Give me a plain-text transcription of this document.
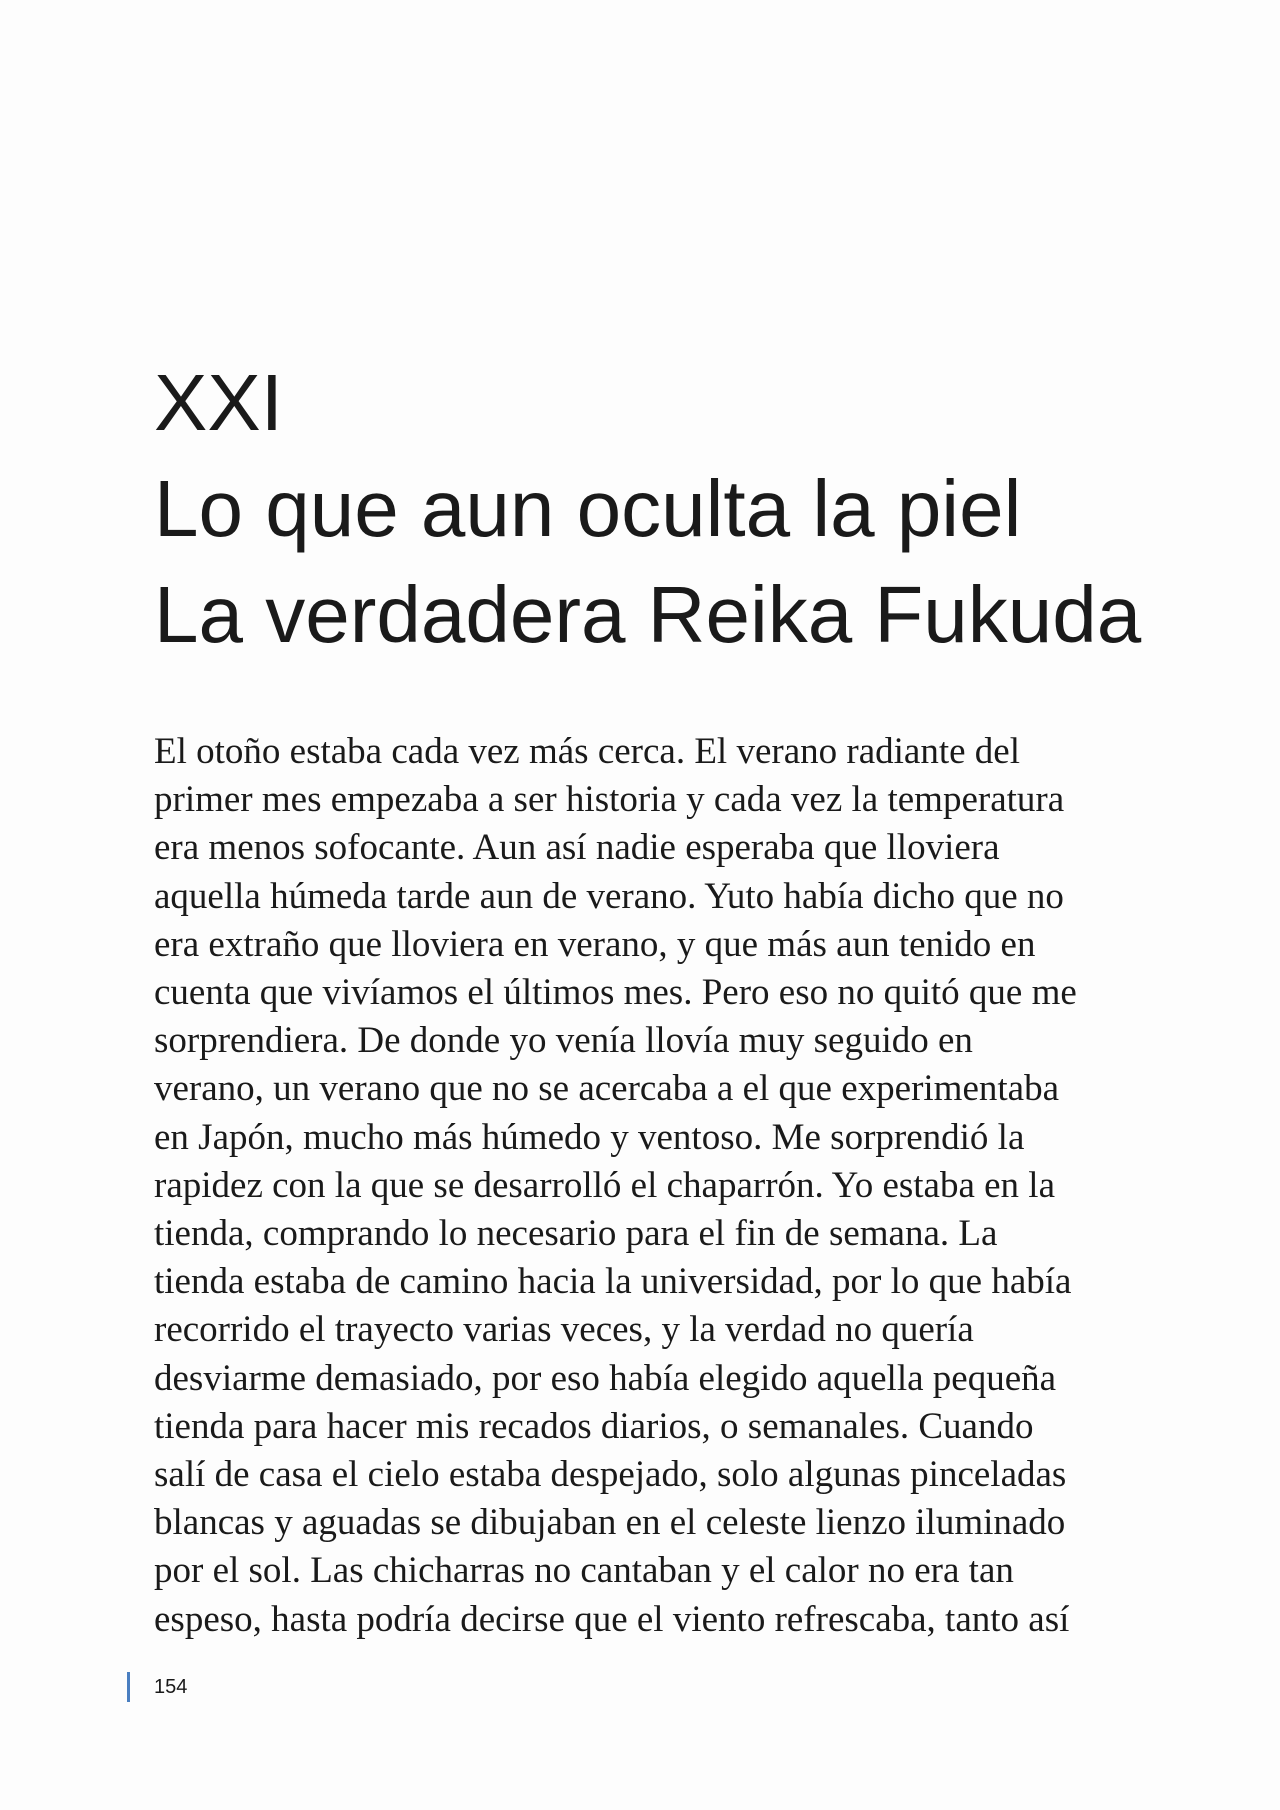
XXI
Lo que aun oculta la piel
La verdadera Reika Fukuda

El otoño estaba cada vez más cerca. El verano radiante del
primer mes empezaba a ser historia y cada vez la temperatura
era menos sofocante. Aun así nadie esperaba que lloviera
aquella húmeda tarde aun de verano. Yuto había dicho que no
era extraño que lloviera en verano, y que más aun tenido en
cuenta que vivíamos el últimos mes. Pero eso no quitó que me
sorprendiera. De donde yo venía llovía muy seguido en
verano, un verano que no se acercaba a el que experimentaba
en Japón, mucho más húmedo y ventoso. Me sorprendió la
rapidez con la que se desarrolló el chaparrón. Yo estaba en la
tienda, comprando lo necesario para el fin de semana. La
tienda estaba de camino hacia la universidad, por lo que había
recorrido el trayecto varias veces, y la verdad no quería
desviarme demasiado, por eso había elegido aquella pequeña
tienda para hacer mis recados diarios, o semanales. Cuando
salí de casa el cielo estaba despejado, solo algunas pinceladas
blancas y aguadas se dibujaban en el celeste lienzo iluminado
por el sol. Las chicharras no cantaban y el calor no era tan
espeso, hasta podría decirse que el viento refrescaba, tanto así

154
